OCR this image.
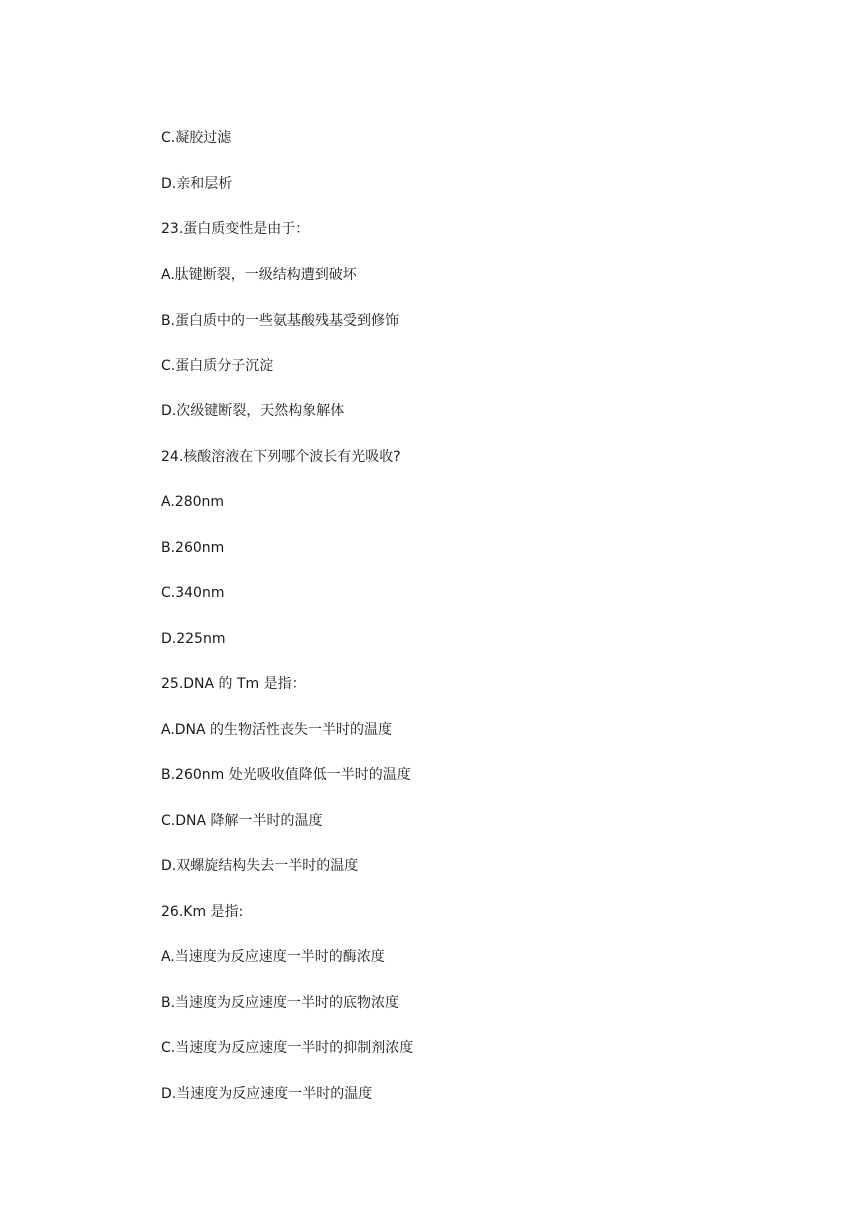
C.凝胶过滤
D.亲和层析
23.蛋白质变性是由于：
A.肽键断裂，一级结构遭到破坏
B.蛋白质中的一些氨基酸残基受到修饰
C.蛋白质分子沉淀
D.次级键断裂，天然构象解体
24.核酸溶液在下列哪个波长有光吸收?
A.280nm
B.260nm
C.340nm
D.225nm
25.DNA 的 Tm 是指：
A.DNA 的生物活性丧失一半时的温度
B.260nm 处光吸收值降低一半时的温度
C.DNA 降解一半时的温度
D.双螺旋结构失去一半时的温度
26.Km 是指:
A.当速度为反应速度一半时的酶浓度
B.当速度为反应速度一半时的底物浓度
C.当速度为反应速度一半时的抑制剂浓度
D.当速度为反应速度一半时的温度
